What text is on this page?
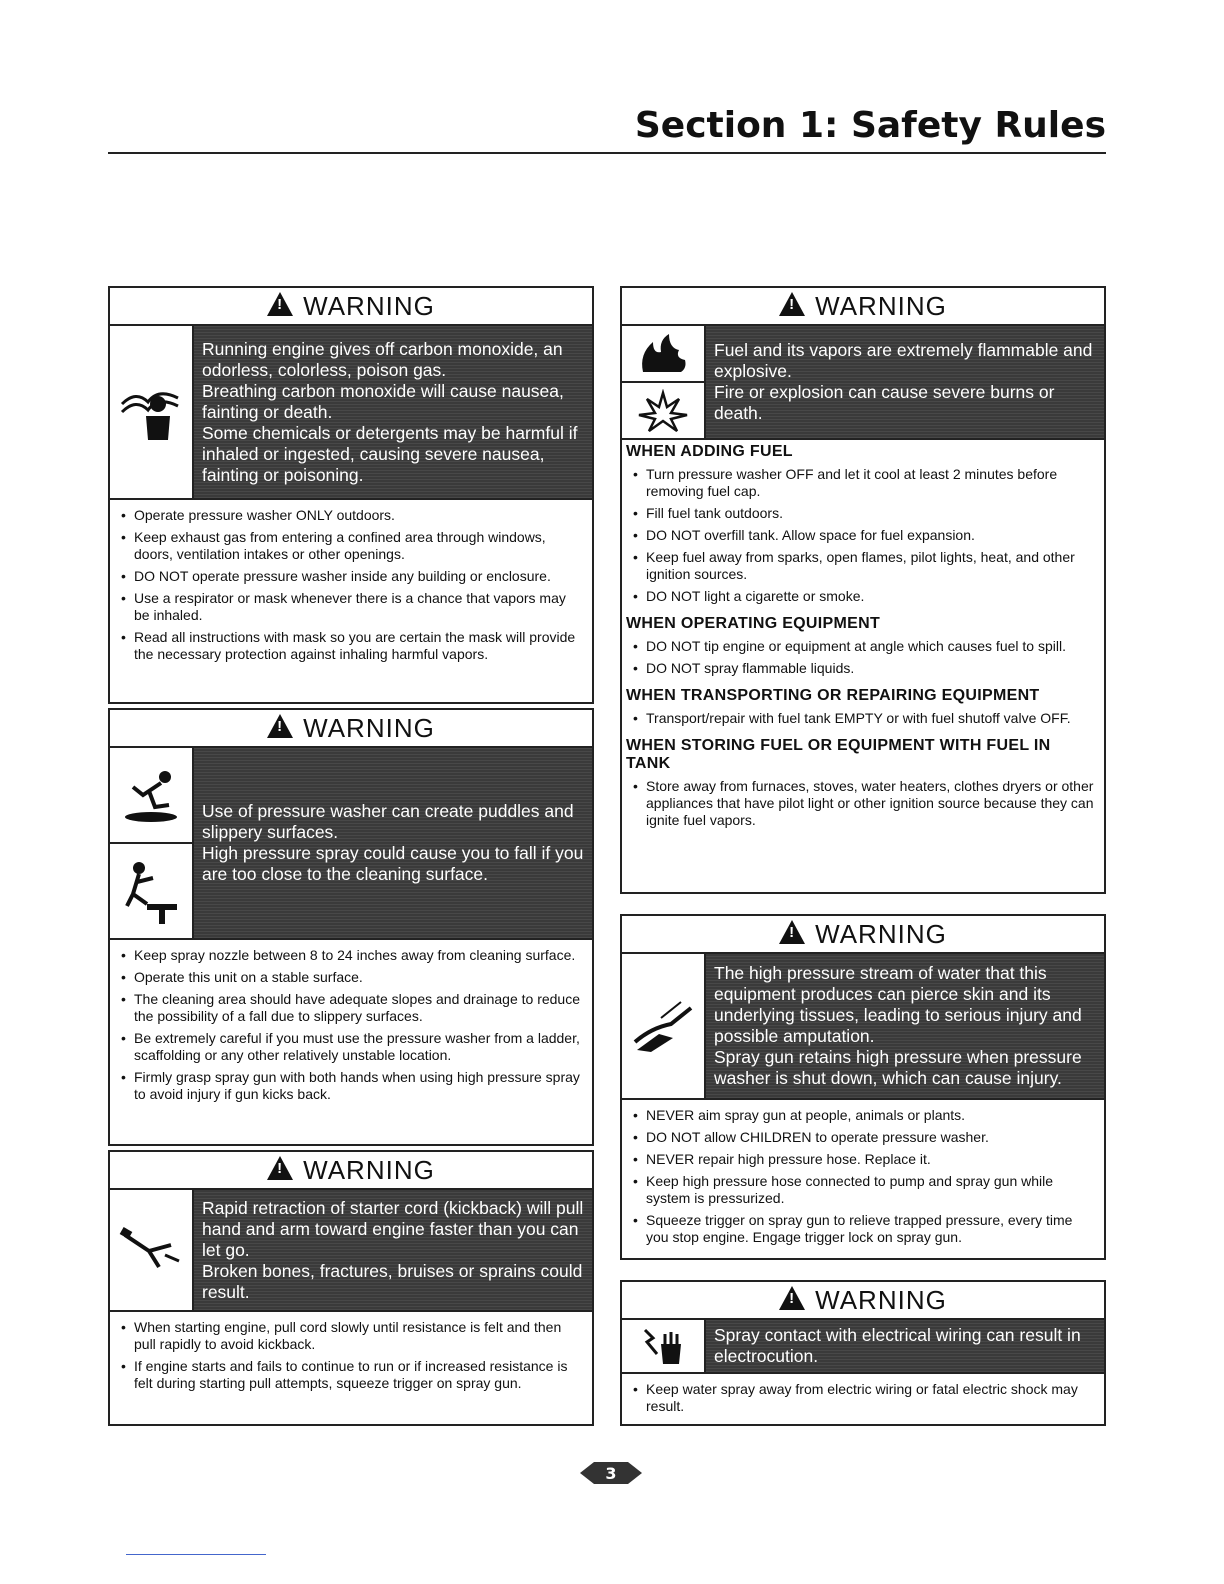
Section 1: Safety Rules
!
WARNING

Running engine gives off carbon monoxide, an odorless, colorless, poison gas.

Breathing carbon monoxide will cause nausea, fainting or death.

Some chemicals or detergents may be harmful if inhaled or ingested, causing severe nausea, fainting or poisoning.

• Operate pressure washer ONLY outdoors.
• Keep exhaust gas from entering a confined area through windows, doors, ventilation intakes or other openings.
• DO NOT operate pressure washer inside any building or enclosure.
• Use a respirator or mask whenever there is a chance that vapors may be inhaled.
• Read all instructions with mask so you are certain the mask will provide the necessary protection against inhaling harmful vapors.
!
WARNING

Use of pressure washer can create puddles and slippery surfaces.

High pressure spray could cause you to fall if you are too close to the cleaning surface.

• Keep spray nozzle between 8 to 24 inches away from cleaning surface.
• Operate this unit on a stable surface.
• The cleaning area should have adequate slopes and drainage to reduce the possibility of a fall due to slippery surfaces.
• Be extremely careful if you must use the pressure washer from a ladder, scaffolding or any other relatively unstable location.
• Firmly grasp spray gun with both hands when using high pressure spray to avoid injury if gun kicks back.
!
WARNING

Rapid retraction of starter cord (kickback) will pull hand and arm toward engine faster than you can let go.

Broken bones, fractures, bruises or sprains could result.

• When starting engine, pull cord slowly until resistance is felt and then pull rapidly to avoid kickback.
• If engine starts and fails to continue to run or if increased resistance is felt during starting pull attempts, squeeze trigger on spray gun.
!
WARNING

Fuel and its vapors are extremely flammable and explosive.

Fire or explosion can cause severe burns or death.

WHEN ADDING FUEL
• Turn pressure washer OFF and let it cool at least 2 minutes before removing fuel cap.
• Fill fuel tank outdoors.
• DO NOT overfill tank. Allow space for fuel expansion.
• Keep fuel away from sparks, open flames, pilot lights, heat, and other ignition sources.
• DO NOT light a cigarette or smoke.
WHEN OPERATING EQUIPMENT
• DO NOT tip engine or equipment at angle which causes fuel to spill.
• DO NOT spray flammable liquids.
WHEN TRANSPORTING OR REPAIRING EQUIPMENT
• Transport/repair with fuel tank EMPTY or with fuel shutoff valve OFF.
WHEN STORING FUEL OR EQUIPMENT WITH FUEL IN TANK
• Store away from furnaces, stoves, water heaters, clothes dryers or other appliances that have pilot light or other ignition source because they can ignite fuel vapors.
!
WARNING

The high pressure stream of water that this equipment produces can pierce skin and its underlying tissues, leading to serious injury and possible amputation.

Spray gun retains high pressure when pressure washer is shut down, which can cause injury.

• NEVER aim spray gun at people, animals or plants.
• DO NOT allow CHILDREN to operate pressure washer.
• NEVER repair high pressure hose. Replace it.
• Keep high pressure hose connected to pump and spray gun while system is pressurized.
• Squeeze trigger on spray gun to relieve trapped pressure, every time you stop engine. Engage trigger lock on spray gun.
!
WARNING

Spray contact with electrical wiring can result in electrocution.

• Keep water spray away from electric wiring or fatal electric shock may result.
3
